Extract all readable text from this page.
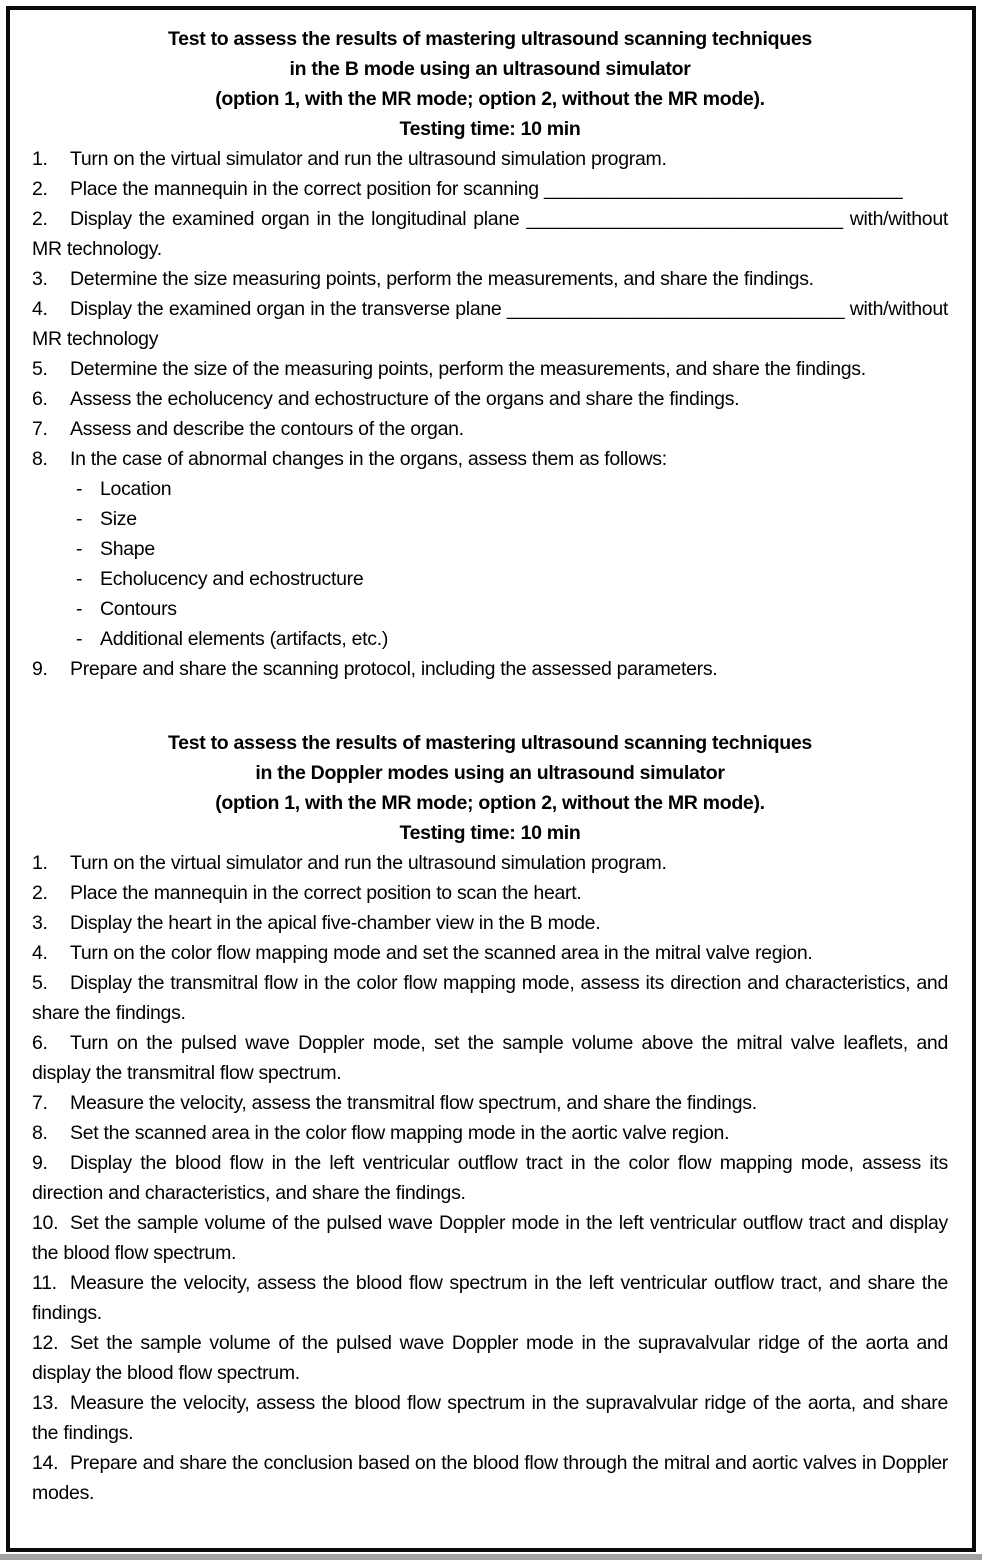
Test to assess the results of mastering ultrasound scanning techniques

in the B mode using an ultrasound simulator

(option 1, with the MR mode; option 2, without the MR mode).

Testing time: 10 min

1. Turn on the virtual simulator and run the ultrasound simulation program.

2. Place the mannequin in the correct position for scanning __________________________________

2. Display the examined organ in the longitudinal plane ______________________________ with/without MR technology.

3. Determine the size measuring points, perform the measurements, and share the findings.

4. Display the examined organ in the transverse plane ________________________________ with/without MR technology

5. Determine the size of the measuring points, perform the measurements, and share the findings.

6. Assess the echolucency and echostructure of the organs and share the findings.

7. Assess and describe the contours of the organ.

8. In the case of abnormal changes in the organs, assess them as follows:

- Location

- Size

- Shape

- Echolucency and echostructure

- Contours

- Additional elements (artifacts, etc.)

9. Prepare and share the scanning protocol, including the assessed parameters.

Test to assess the results of mastering ultrasound scanning techniques

in the Doppler modes using an ultrasound simulator

(option 1, with the MR mode; option 2, without the MR mode).

Testing time: 10 min

1. Turn on the virtual simulator and run the ultrasound simulation program.

2. Place the mannequin in the correct position to scan the heart.

3. Display the heart in the apical five-chamber view in the B mode.

4. Turn on the color flow mapping mode and set the scanned area in the mitral valve region.

5. Display the transmitral flow in the color flow mapping mode, assess its direction and characteristics, and share the findings.

6. Turn on the pulsed wave Doppler mode, set the sample volume above the mitral valve leaflets, and display the transmitral flow spectrum.

7. Measure the velocity, assess the transmitral flow spectrum, and share the findings.

8. Set the scanned area in the color flow mapping mode in the aortic valve region.

9. Display the blood flow in the left ventricular outflow tract in the color flow mapping mode, assess its direction and characteristics, and share the findings.

10. Set the sample volume of the pulsed wave Doppler mode in the left ventricular outflow tract and display the blood flow spectrum.

11. Measure the velocity, assess the blood flow spectrum in the left ventricular outflow tract, and share the findings.

12. Set the sample volume of the pulsed wave Doppler mode in the supravalvular ridge of the aorta and display the blood flow spectrum.

13. Measure the velocity, assess the blood flow spectrum in the supravalvular ridge of the aorta, and share the findings.

14. Prepare and share the conclusion based on the blood flow through the mitral and aortic valves in Doppler modes.
